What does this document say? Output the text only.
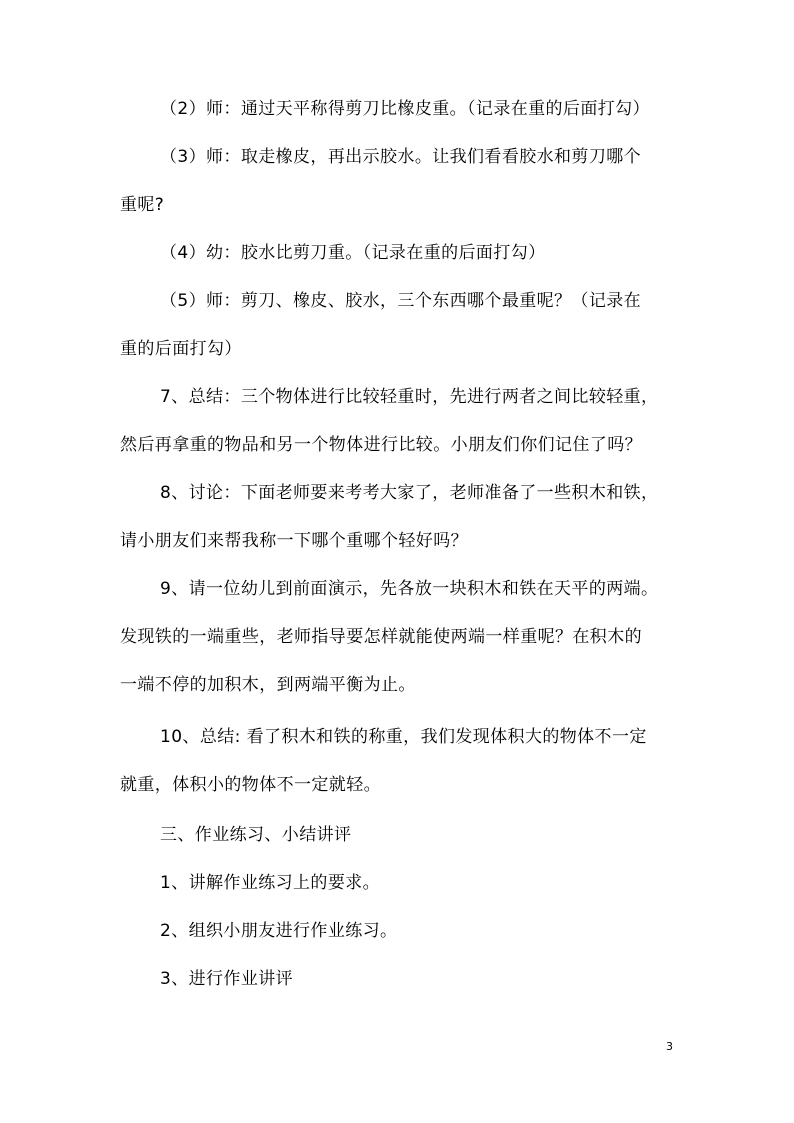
（2）师：通过天平称得剪刀比橡皮重。（记录在重的后面打勾）
（3）师：取走橡皮，再出示胶水。让我们看看胶水和剪刀哪个
重呢?
（4）幼：胶水比剪刀重。（记录在重的后面打勾）
（5）师：剪刀、橡皮、胶水，三个东西哪个最重呢？（记录在
重的后面打勾）
7、总结：三个物体进行比较轻重时，先进行两者之间比较轻重，
然后再拿重的物品和另一个物体进行比较。小朋友们你们记住了吗？
8、讨论：下面老师要来考考大家了，老师准备了一些积木和铁，
请小朋友们来帮我称一下哪个重哪个轻好吗？
9、请一位幼儿到前面演示，先各放一块积木和铁在天平的两端。
发现铁的一端重些，老师指导要怎样就能使两端一样重呢？在积木的
一端不停的加积木，到两端平衡为止。
10、总结: 看了积木和铁的称重，我们发现体积大的物体不一定
就重，体积小的物体不一定就轻。
三、作业练习、小结讲评
1、讲解作业练习上的要求。
2、组织小朋友进行作业练习。
3、进行作业讲评
3
